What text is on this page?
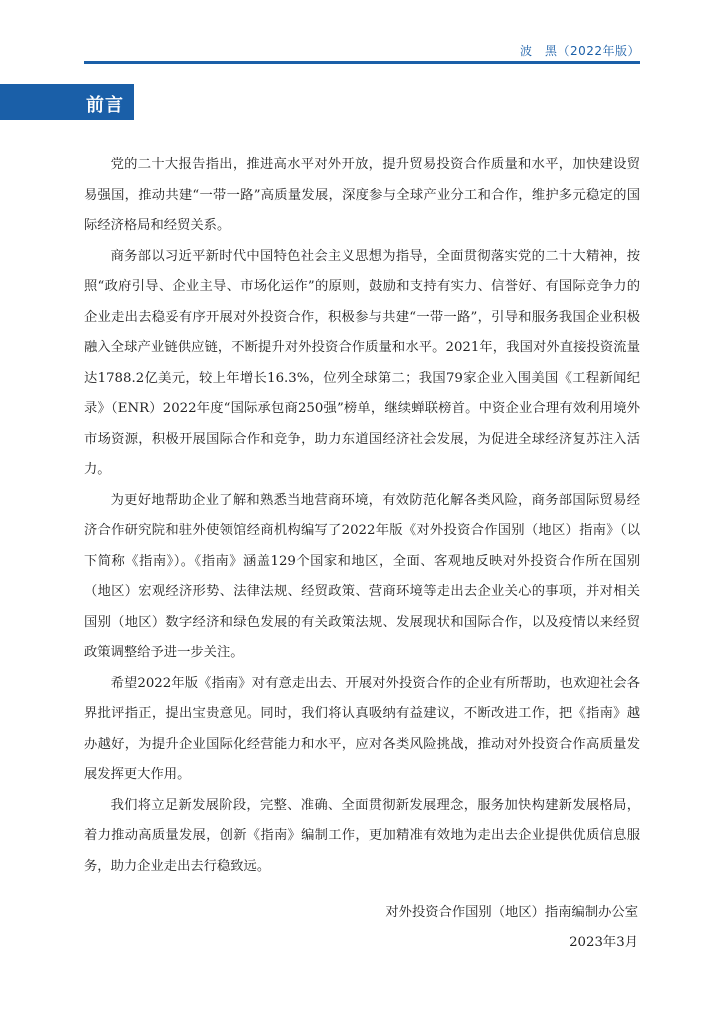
波　黑（2022年版）
前言

党的二十大报告指出，推进高水平对外开放，提升贸易投资合作质量和水平，加快建设贸易强国，推动共建“一带一路”高质量发展，深度参与全球产业分工和合作，维护多元稳定的国际经济格局和经贸关系。

商务部以习近平新时代中国特色社会主义思想为指导，全面贯彻落实党的二十大精神，按照“政府引导、企业主导、市场化运作”的原则，鼓励和支持有实力、信誉好、有国际竞争力的企业走出去稳妥有序开展对外投资合作，积极参与共建“一带一路”，引导和服务我国企业积极融入全球产业链供应链，不断提升对外投资合作质量和水平。2021年，我国对外直接投资流量达1788.2亿美元，较上年增长16.3%，位列全球第二；我国79家企业入围美国《工程新闻纪录》（ENR）2022年度“国际承包商250强”榜单，继续蝉联榜首。中资企业合理有效利用境外市场资源，积极开展国际合作和竞争，助力东道国经济社会发展，为促进全球经济复苏注入活力。

为更好地帮助企业了解和熟悉当地营商环境，有效防范化解各类风险，商务部国际贸易经济合作研究院和驻外使领馆经商机构编写了2022年版《对外投资合作国别（地区）指南》（以下简称《指南》）。《指南》涵盖129个国家和地区，全面、客观地反映对外投资合作所在国别（地区）宏观经济形势、法律法规、经贸政策、营商环境等走出去企业关心的事项，并对相关国别（地区）数字经济和绿色发展的有关政策法规、发展现状和国际合作，以及疫情以来经贸政策调整给予进一步关注。

希望2022年版《指南》对有意走出去、开展对外投资合作的企业有所帮助，也欢迎社会各界批评指正，提出宝贵意见。同时，我们将认真吸纳有益建议，不断改进工作，把《指南》越办越好，为提升企业国际化经营能力和水平，应对各类风险挑战，推动对外投资合作高质量发展发挥更大作用。

我们将立足新发展阶段，完整、准确、全面贯彻新发展理念，服务加快构建新发展格局，着力推动高质量发展，创新《指南》编制工作，更加精准有效地为走出去企业提供优质信息服务，助力企业走出去行稳致远。

对外投资合作国别（地区）指南编制办公室
2023年3月
